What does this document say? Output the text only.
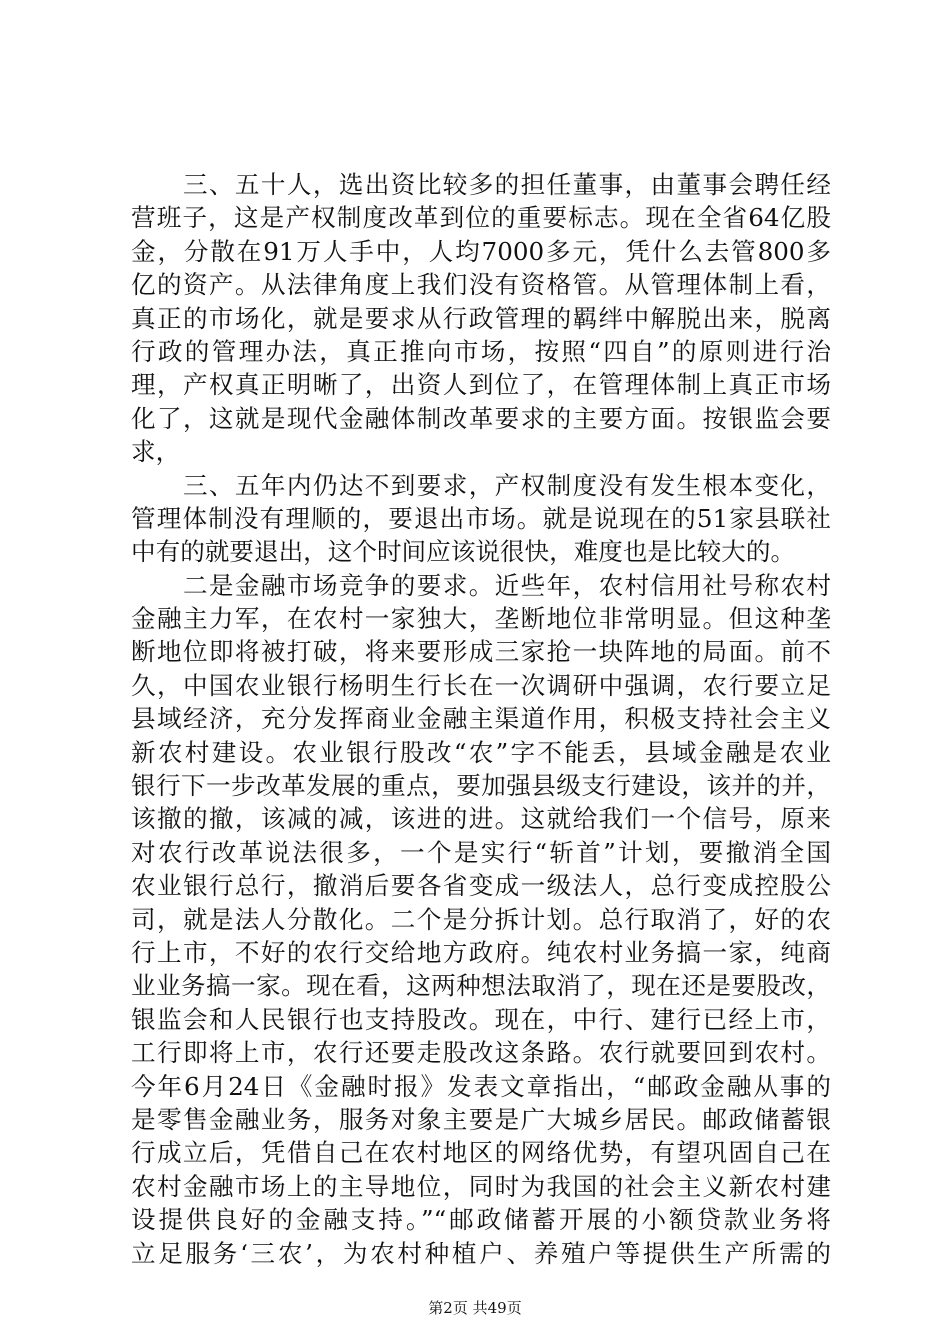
　　三、五十人，选出资比较多的担任董事，由董事会聘任经
营班子，这是产权制度改革到位的重要标志。现在全省64亿股
金，分散在91万人手中，人均7000多元，凭什么去管800多
亿的资产。从法律角度上我们没有资格管。从管理体制上看，
真正的市场化，就是要求从行政管理的羁绊中解脱出来，脱离
行政的管理办法，真正推向市场，按照“四自”的原则进行治
理，产权真正明晰了，出资人到位了，在管理体制上真正市场
化了，这就是现代金融体制改革要求的主要方面。按银监会要
求，
　　三、五年内仍达不到要求，产权制度没有发生根本变化，
管理体制没有理顺的，要退出市场。就是说现在的51家县联社
中有的就要退出，这个时间应该说很快，难度也是比较大的。
　　二是金融市场竞争的要求。近些年，农村信用社号称农村
金融主力军，在农村一家独大，垄断地位非常明显。但这种垄
断地位即将被打破，将来要形成三家抢一块阵地的局面。前不
久，中国农业银行杨明生行长在一次调研中强调，农行要立足
县域经济，充分发挥商业金融主渠道作用，积极支持社会主义
新农村建设。农业银行股改“农”字不能丢，县域金融是农业
银行下一步改革发展的重点，要加强县级支行建设，该并的并，
该撤的撤，该减的减，该进的进。这就给我们一个信号，原来
对农行改革说法很多，一个是实行“斩首”计划，要撤消全国
农业银行总行，撤消后要各省变成一级法人，总行变成控股公
司，就是法人分散化。二个是分拆计划。总行取消了，好的农
行上市，不好的农行交给地方政府。纯农村业务搞一家，纯商
业业务搞一家。现在看，这两种想法取消了，现在还是要股改，
银监会和人民银行也支持股改。现在，中行、建行已经上市，
工行即将上市，农行还要走股改这条路。农行就要回到农村。
今年6月24日《金融时报》发表文章指出，“邮政金融从事的
是零售金融业务，服务对象主要是广大城乡居民。邮政储蓄银
行成立后，凭借自己在农村地区的网络优势，有望巩固自己在
农村金融市场上的主导地位，同时为我国的社会主义新农村建
设提供良好的金融支持。”“邮政储蓄开展的小额贷款业务将
立足服务‘三农’，为农村种植户、养殖户等提供生产所需的
第2页 共49页
